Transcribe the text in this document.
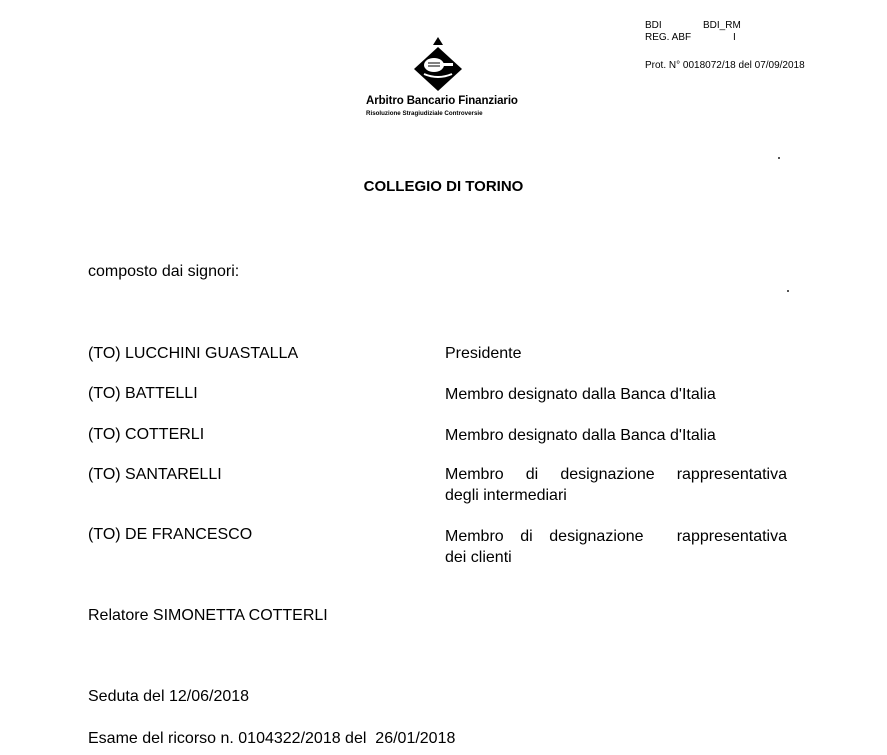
BDI	BDI_RM
REG. ABF	I
Prot. N° 0018072/18 del 07/09/2018
Arbitro Bancario Finanziario
Risoluzione Stragiudiziale Controversie
COLLEGIO DI TORINO
composto dai signori:
(TO) LUCCHINI GUASTALLA	Presidente
(TO) BATTELLI	Membro designato dalla Banca d'Italia
(TO) COTTERLI	Membro designato dalla Banca d'Italia
(TO) SANTARELLI	Membro di designazione rappresentativa
degli intermediari
(TO) DE FRANCESCO	Membro di designazione  rappresentativa
dei clienti
Relatore SIMONETTA COTTERLI
Seduta del 12/06/2018
Esame del ricorso n. 0104322/2018 del  26/01/2018
